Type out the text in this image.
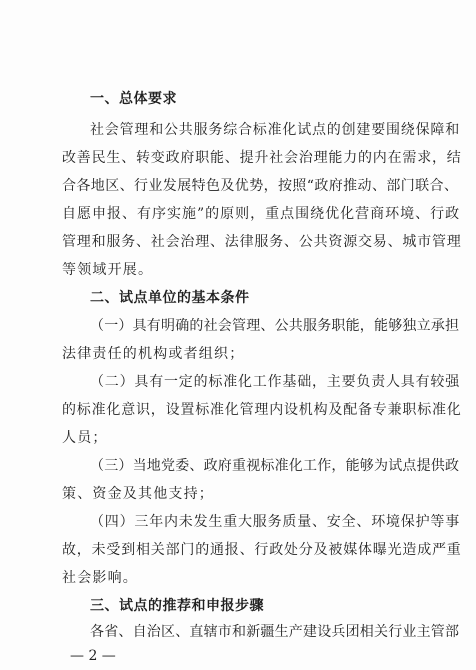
一、总体要求
社会管理和公共服务综合标准化试点的创建要围绕保障和
改善民生、转变政府职能、提升社会治理能力的内在需求，结
合各地区、行业发展特色及优势，按照“政府推动、部门联合、
自愿申报、有序实施”的原则，重点围绕优化营商环境、行政
管理和服务、社会治理、法律服务、公共资源交易、城市管理
等领域开展。
二、试点单位的基本条件
（一）具有明确的社会管理、公共服务职能，能够独立承担
法律责任的机构或者组织；
（二）具有一定的标准化工作基础，主要负责人具有较强
的标准化意识，设置标准化管理内设机构及配备专兼职标准化
人员；
（三）当地党委、政府重视标准化工作，能够为试点提供政
策、资金及其他支持；
（四）三年内未发生重大服务质量、安全、环境保护等事
故，未受到相关部门的通报、行政处分及被媒体曝光造成严重
社会影响。
三、试点的推荐和申报步骤
各省、自治区、直辖市和新疆生产建设兵团相关行业主管部
— 2 —
